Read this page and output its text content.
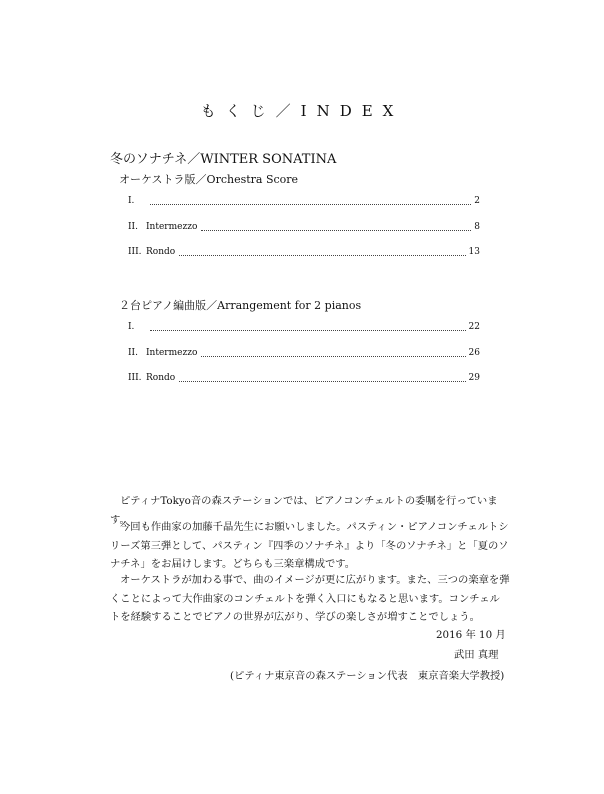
もくじ／INDEX
冬のソナチネ／WINTER SONATINA
オーケストラ版／Orchestra Score
I.	2
II. Intermezzo	8
III. Rondo	13
２台ピアノ編曲版／Arrangement for 2 pianos
I.	22
II. Intermezzo	26
III. Rondo	29

ピティナTokyo音の森ステーションでは、ピアノコンチェルトの委嘱を行っています。

今回も作曲家の加藤千晶先生にお願いしました。パスティン・ピアノコンチェルトシリーズ第三弾として、パスティン『四季のソナチネ』より「冬のソナチネ」と「夏のソナチネ」をお届けします。どちらも三楽章構成です。

オーケストラが加わる事で、曲のイメージが更に広がります。また、三つの楽章を弾くことによって大作曲家のコンチェルトを弾く入口にもなると思います。コンチェルトを経験することでピアノの世界が広がり、学びの楽しさが増すことでしょう。

2016 年 10 月
武田 真理
(ピティナ東京音の森ステーション代表　東京音楽大学教授)
